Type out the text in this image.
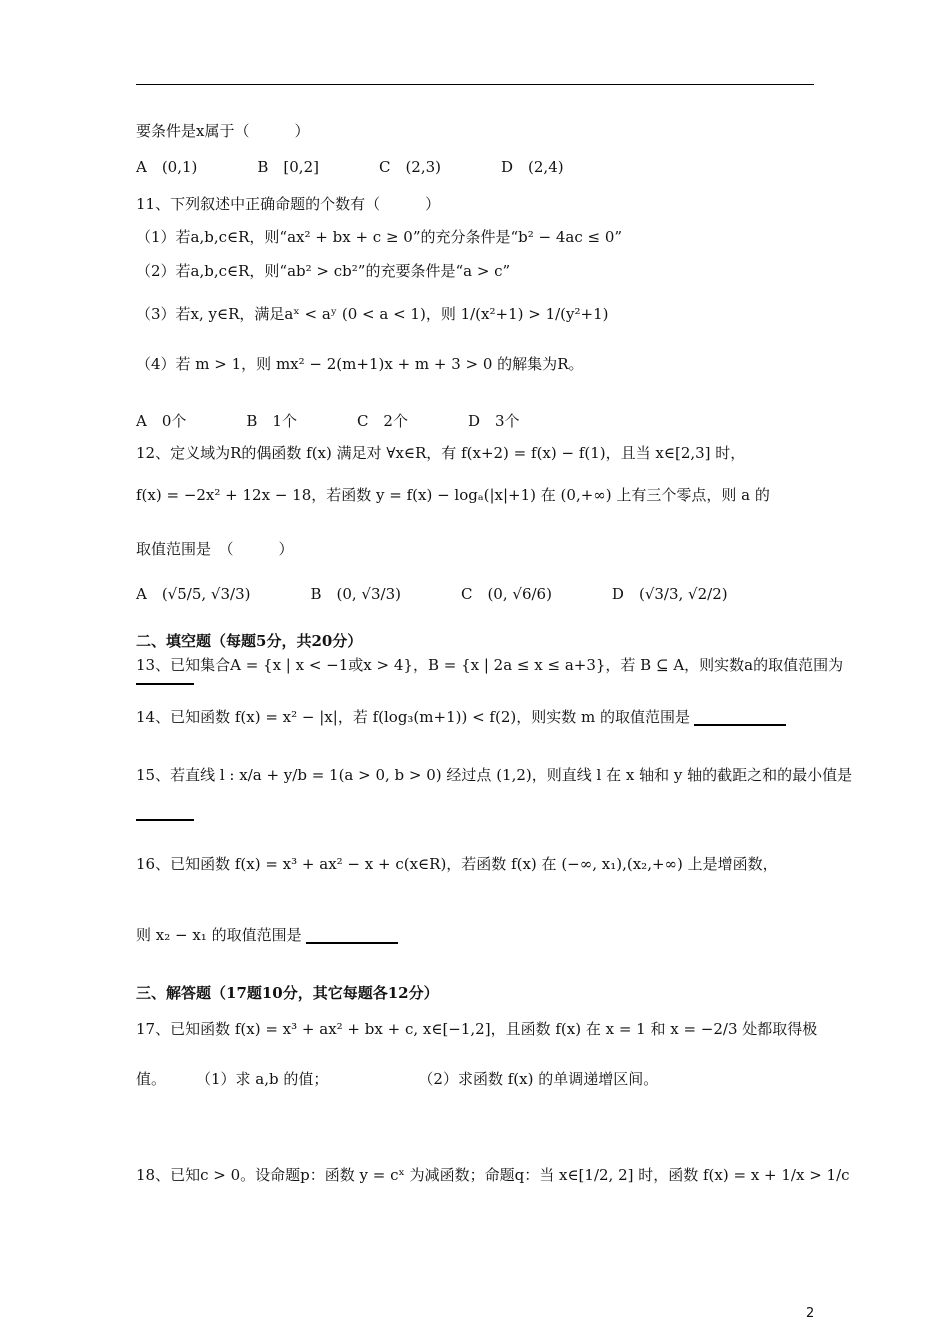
要条件是x属于（　　　）
A　(0,1)　　　　B　[0,2]　　　　C　(2,3)　　　　D　(2,4)
11、下列叙述中正确命题的个数有（　　　）
（1）若a,b,c∈R，则“ax² + bx + c ≥ 0”的充分条件是“b² − 4ac ≤ 0”
（2）若a,b,c∈R，则“ab² > cb²”的充要条件是“a > c”
（3）若x, y∈R，满足aˣ < aʸ (0 < a < 1)，则 1/(x²+1) > 1/(y²+1)
（4）若 m > 1，则 mx² − 2(m+1)x + m + 3 > 0 的解集为R。
A　0个　　　　B　1个　　　　C　2个　　　　D　3个
12、定义域为R的偶函数 f(x) 满足对 ∀x∈R，有 f(x+2) = f(x) − f(1)，且当 x∈[2,3] 时，
f(x) = −2x² + 12x − 18，若函数 y = f(x) − logₐ(|x|+1) 在 (0,+∞) 上有三个零点，则 a 的
取值范围是　（　　　）
A　(√5/5, √3/3)　　　　B　(0, √3/3)　　　　C　(0, √6/6)　　　　D　(√3/3, √2/2)
二、填空题（每题5分，共20分）
13、已知集合A = {x | x < −1或x > 4}，B = {x | 2a ≤ x ≤ a+3}，若 B ⊆ A，则实数a的取值范围为
14、已知函数 f(x) = x² − |x|，若 f(log₃(m+1)) < f(2)，则实数 m 的取值范围是
15、若直线 l : x/a + y/b = 1(a > 0, b > 0) 经过点 (1,2)，则直线 l 在 x 轴和 y 轴的截距之和的最小值是
16、已知函数 f(x) = x³ + ax² − x + c(x∈R)，若函数 f(x) 在 (−∞, x₁),(x₂,+∞) 上是增函数，
则 x₂ − x₁ 的取值范围是
三、解答题（17题10分，其它每题各12分）
17、已知函数 f(x) = x³ + ax² + bx + c, x∈[−1,2]，且函数 f(x) 在 x = 1 和 x = −2/3 处都取得极
值。　　　（1）求 a,b 的值；　　　　　　　（2）求函数 f(x) 的单调递增区间。
18、已知c > 0。设命题p：函数 y = cˣ 为减函数；命题q：当 x∈[1/2, 2] 时，函数 f(x) = x + 1/x > 1/c
2
